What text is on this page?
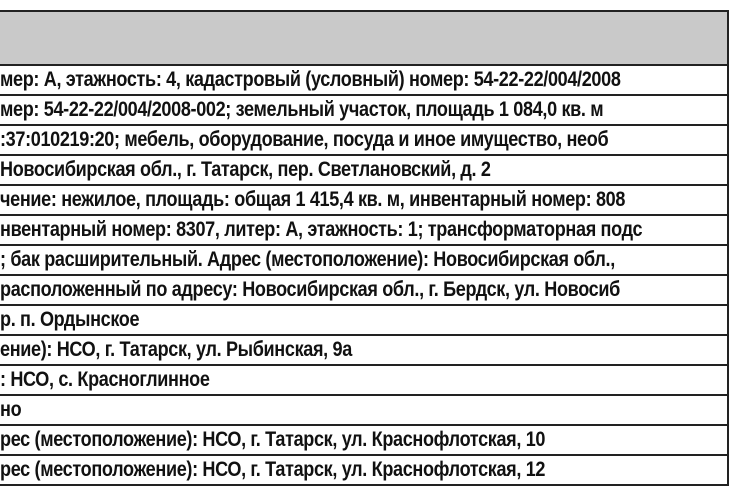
мер: А, этажность: 4, кадастровый (условный) номер: 54-22-22/004/2008
мер: 54-22-22/004/2008-002; земельный участок, площадь 1 084,0 кв. м
:37:010219:20; мебель, оборудование, посуда и иное имущество, необ
Новосибирская обл., г. Татарск, пер. Светлановский, д. 2
чение: нежилое, площадь: общая 1 415,4 кв. м, инвентарный номер: 808
нвентарный номер: 8307, литер: А, этажность: 1; трансформаторная подс
; бак расширительный. Адрес (местоположение): Новосибирская обл.,
расположенный по адресу: Новосибирская обл., г. Бердск, ул. Новосиб
р. п. Ордынское
ение): НСО, г. Татарск, ул. Рыбинская, 9а
: НСО, с. Красноглинное
но
рес (местоположение): НСО, г. Татарск, ул. Краснофлотская, 10
рес (местоположение): НСО, г. Татарск, ул. Краснофлотская, 12
